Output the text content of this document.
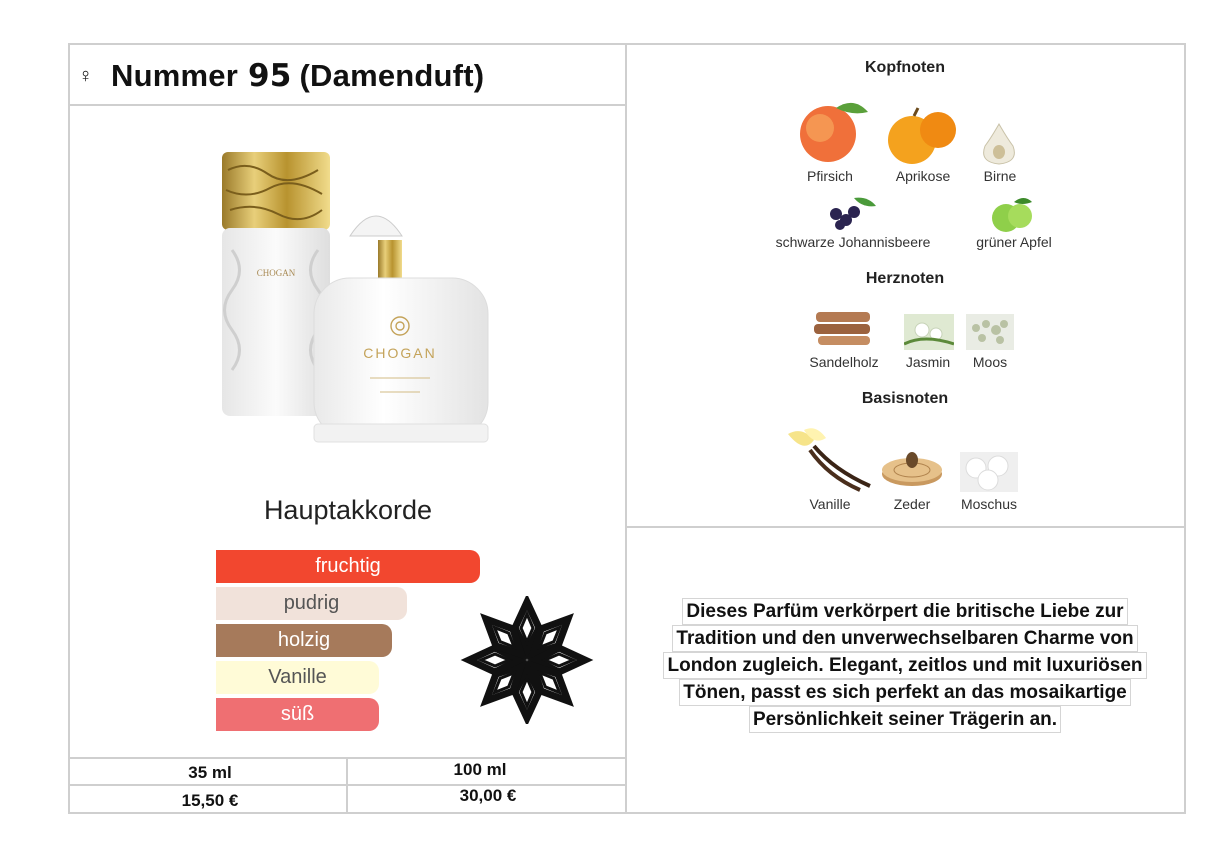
♀ Nummer 95 (Damenduft)
CHOGAN
CHOGAN
Hauptakkorde
fruchtig
pudrig
holzig
Vanille
süß
35 ml	100 ml
15,50 €	30,00 €
Kopfnoten
Pfirsich	Aprikose	Birne
schwarze Johannisbeere	grüner Apfel
Herznoten
Sandelholz	Jasmin	Moos
Basisnoten
Vanille	Zeder	Moschus
Dieses Parfüm verkörpert die britische Liebe zur
Tradition und den unverwechselbaren Charme von
London zugleich. Elegant, zeitlos und mit luxuriösen
Tönen, passt es sich perfekt an das mosaikartige
Persönlichkeit seiner Trägerin an.
